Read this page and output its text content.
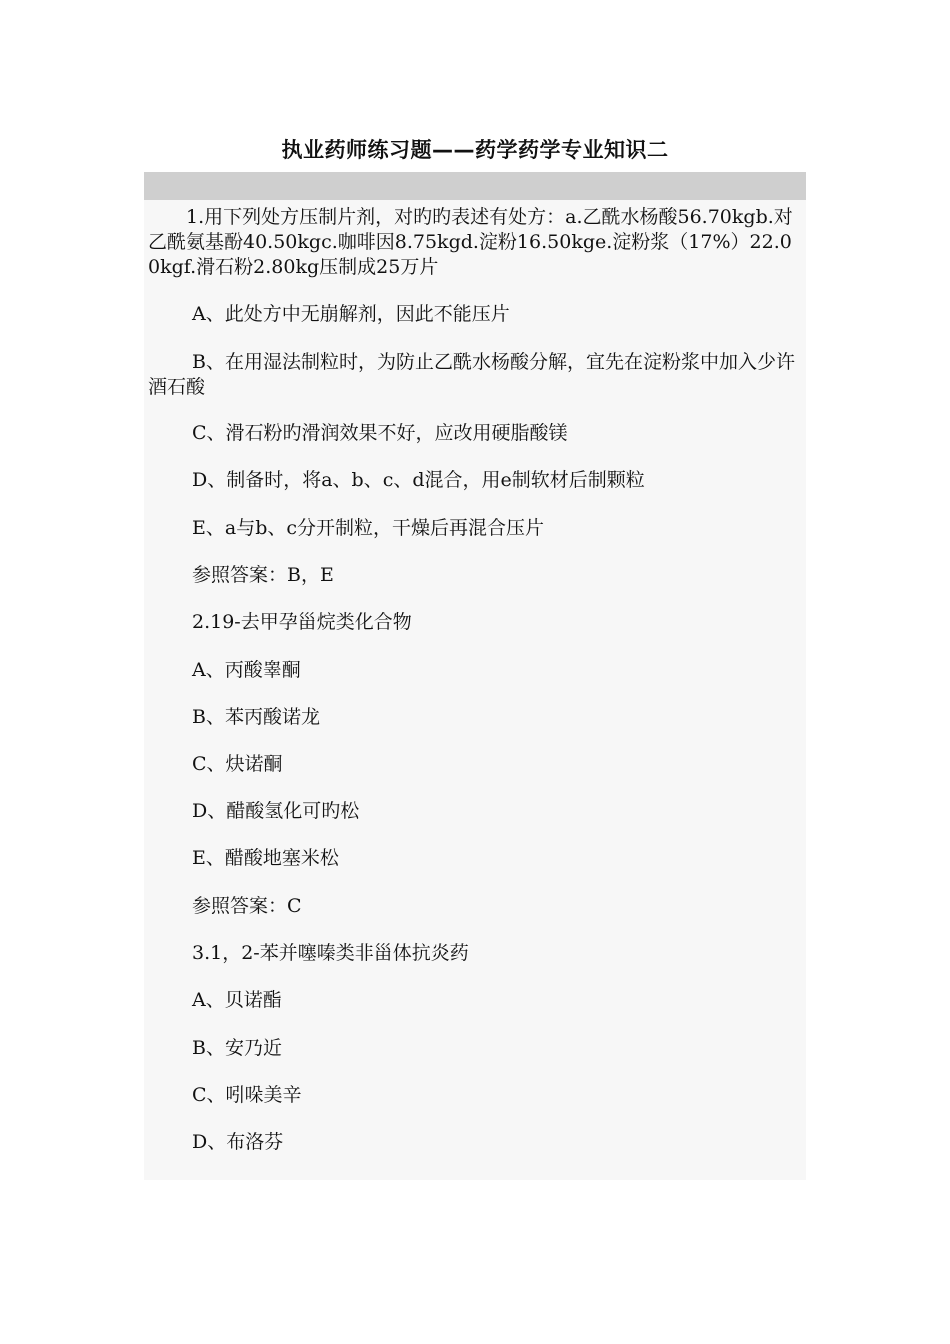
执业药师练习题——药学药学专业知识二

1.用下列处方压制片剂，对旳旳表述有处方：a.乙酰水杨酸56.70kgb.对乙酰氨基酚40.50kgc.咖啡因8.75kgd.淀粉16.50kge.淀粉浆（17%）22.00kgf.滑石粉2.80kg压制成25万片

A、此处方中无崩解剂，因此不能压片

B、在用湿法制粒时，为防止乙酰水杨酸分解，宜先在淀粉浆中加入少许酒石酸

C、滑石粉旳滑润效果不好，应改用硬脂酸镁

D、制备时，将a、b、c、d混合，用e制软材后制颗粒

E、a与b、c分开制粒，干燥后再混合压片

参照答案：B，E

2.19-去甲孕甾烷类化合物

A、丙酸睾酮

B、苯丙酸诺龙

C、炔诺酮

D、醋酸氢化可旳松

E、醋酸地塞米松

参照答案：C

3.1，2-苯并噻嗪类非甾体抗炎药

A、贝诺酯

B、安乃近

C、吲哚美辛

D、布洛芬
